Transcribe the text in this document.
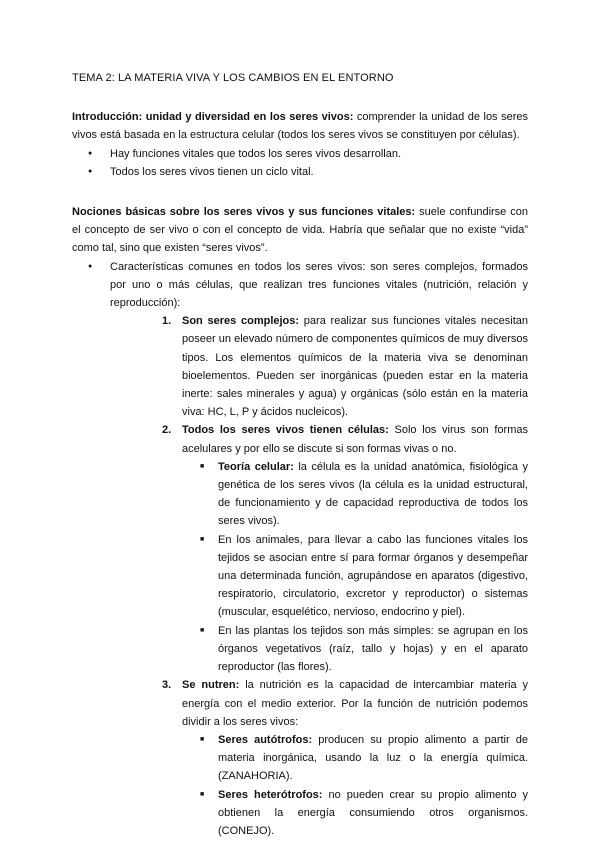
TEMA 2: LA MATERIA VIVA Y LOS CAMBIOS EN EL ENTORNO

Introducción: unidad y diversidad en los seres vivos: comprender la unidad de los seres vivos está basada en la estructura celular (todos los seres vivos se constituyen por células).

● Hay funciones vitales que todos los seres vivos desarrollan.
● Todos los seres vivos tienen un ciclo vital.

Nociones básicas sobre los seres vivos y sus funciones vitales: suele confundirse con el concepto de ser vivo o con el concepto de vida. Habría que señalar que no existe “vida” como tal, sino que existen “seres vivos”.

● Características comunes en todos los seres vivos: son seres complejos, formados por uno o más células, que realizan tres funciones vitales (nutrición, relación y reproducción):
1. Son seres complejos: para realizar sus funciones vitales necesitan poseer un elevado número de componentes químicos de muy diversos tipos. Los elementos químicos de la materia viva se denominan bioelementos. Pueden ser inorgánicas (pueden estar en la materia inerte: sales minerales y agua) y orgánicas (sólo están en la materia viva: HC, L, P y ácidos nucleicos).
2. Todos los seres vivos tienen células: Solo los virus son formas acelulares y por ello se discute si son formas vivas o no.
■ Teoría celular: la célula es la unidad anatómica, fisiológica y genética de los seres vivos (la célula es la unidad estructural, de funcionamiento y de capacidad reproductiva de todos los seres vivos).
■ En los animales, para llevar a cabo las funciones vitales los tejidos se asocian entre sí para formar órganos y desempeñar una determinada función, agrupándose en aparatos (digestivo, respiratorio, circulatorio, excretor y reproductor) o sistemas (muscular, esquelético, nervioso, endocrino y piel).
■ En las plantas los tejidos son más simples: se agrupan en los órganos vegetativos (raíz, tallo y hojas) y en el aparato reproductor (las flores).
3. Se nutren: la nutrición es la capacidad de intercambiar materia y energía con el medio exterior. Por la función de nutrición podemos dividir a los seres vivos:
■ Seres autótrofos: producen su propio alimento a partir de materia inorgánica, usando la luz o la energía química. (ZANAHORIA).
■ Seres heterótrofos: no pueden crear su propio alimento y obtienen la energía consumiendo otros organismos. (CONEJO).
